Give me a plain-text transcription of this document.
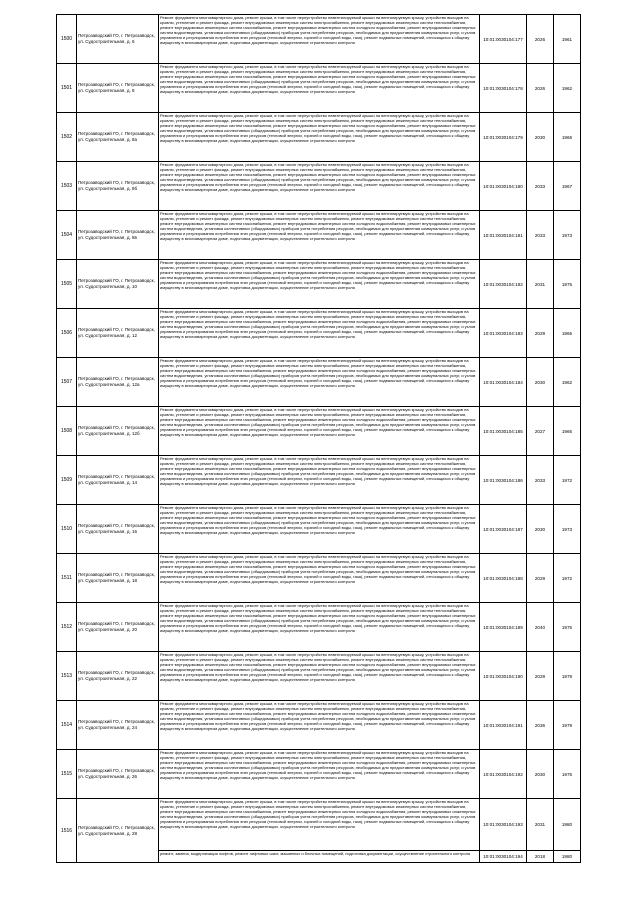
1500	Петрозаводский ГО, г. Петрозаводск, ул. Судостроительная, д. 6	Ремонт фундамента многоквартирного дома, ремонт крыши, в том числе переустройство невентилируемой крыши на вентилируемую крышу, устройство выходов на кровлю, утепление и ремонт фасада, ремонт внутридомовых инженерных систем электроснабжения, ремонт внутридомовых инженерных систем теплоснабжения, ремонт внутридомовых инженерных систем газоснабжения, ремонт внутридомовых инженерных систем холодного водоснабжения, ремонт внутридомовых инженерных систем водоотведения, установка коллективных (общедомовых) приборов учета потребления ресурсов, необходимых для предоставления коммунальных услуг, и узлов управления и регулирования потребления этих ресурсов (тепловой энергии, горячей и холодной воды, газа), ремонт подвальных помещений, относящихся к общему имуществу в многоквартирном доме, подготовка документации, осуществление строительного контроля	10:01:0030104:177	2026	1961
1501	Петрозаводский ГО, г. Петрозаводск, ул. Судостроительная, д. 8	Ремонт фундамента многоквартирного дома, ремонт крыши, в том числе переустройство невентилируемой крыши на вентилируемую крышу, устройство выходов на кровлю, утепление и ремонт фасада, ремонт внутридомовых инженерных систем электроснабжения, ремонт внутридомовых инженерных систем теплоснабжения, ремонт внутридомовых инженерных систем газоснабжения, ремонт внутридомовых инженерных систем холодного водоснабжения, ремонт внутридомовых инженерных систем водоотведения, установка коллективных (общедомовых) приборов учета потребления ресурсов, необходимых для предоставления коммунальных услуг, и узлов управления и регулирования потребления этих ресурсов (тепловой энергии, горячей и холодной воды, газа), ремонт подвальных помещений, относящихся к общему имуществу в многоквартирном доме, подготовка документации, осуществление строительного контроля	10:01:0030104:178	2026	1962
1502	Петрозаводский ГО, г. Петрозаводск, ул. Судостроительная, д. 8а	Ремонт фундамента многоквартирного дома, ремонт крыши, в том числе переустройство невентилируемой крыши на вентилируемую крышу, устройство выходов на кровлю, утепление и ремонт фасада, ремонт внутридомовых инженерных систем электроснабжения, ремонт внутридомовых инженерных систем теплоснабжения, ремонт внутридомовых инженерных систем газоснабжения, ремонт внутридомовых инженерных систем холодного водоснабжения, ремонт внутридомовых инженерных систем водоотведения, установка коллективных (общедомовых) приборов учета потребления ресурсов, необходимых для предоставления коммунальных услуг, и узлов управления и регулирования потребления этих ресурсов (тепловой энергии, горячей и холодной воды, газа), ремонт подвальных помещений, относящихся к общему имуществу в многоквартирном доме, подготовка документации, осуществление строительного контроля	10:01:0030104:179	2030	1966
1503	Петрозаводский ГО, г. Петрозаводск, ул. Судостроительная, д. 8б	Ремонт фундамента многоквартирного дома, ремонт крыши, в том числе переустройство невентилируемой крыши на вентилируемую крышу, устройство выходов на кровлю, утепление и ремонт фасада, ремонт внутридомовых инженерных систем электроснабжения, ремонт внутридомовых инженерных систем теплоснабжения, ремонт внутридомовых инженерных систем газоснабжения, ремонт внутридомовых инженерных систем холодного водоснабжения, ремонт внутридомовых инженерных систем водоотведения, установка коллективных (общедомовых) приборов учета потребления ресурсов, необходимых для предоставления коммунальных услуг, и узлов управления и регулирования потребления этих ресурсов (тепловой энергии, горячей и холодной воды, газа), ремонт подвальных помещений, относящихся к общему имуществу в многоквартирном доме, подготовка документации, осуществление строительного контроля	10:01:0030104:180	2033	1967
1504	Петрозаводский ГО, г. Петрозаводск, ул. Судостроительная, д. 8в	Ремонт фундамента многоквартирного дома, ремонт крыши, в том числе переустройство невентилируемой крыши на вентилируемую крышу, устройство выходов на кровлю, утепление и ремонт фасада, ремонт внутридомовых инженерных систем электроснабжения, ремонт внутридомовых инженерных систем теплоснабжения, ремонт внутридомовых инженерных систем газоснабжения, ремонт внутридомовых инженерных систем холодного водоснабжения, ремонт внутридомовых инженерных систем водоотведения, установка коллективных (общедомовых) приборов учета потребления ресурсов, необходимых для предоставления коммунальных услуг, и узлов управления и регулирования потребления этих ресурсов (тепловой энергии, горячей и холодной воды, газа), ремонт подвальных помещений, относящихся к общему имуществу в многоквартирном доме, подготовка документации, осуществление строительного контроля	10:01:0030104:181	2033	1973
1505	Петрозаводский ГО, г. Петрозаводск, ул. Судостроительная, д. 10	Ремонт фундамента многоквартирного дома, ремонт крыши, в том числе переустройство невентилируемой крыши на вентилируемую крышу, устройство выходов на кровлю, утепление и ремонт фасада, ремонт внутридомовых инженерных систем электроснабжения, ремонт внутридомовых инженерных систем теплоснабжения, ремонт внутридомовых инженерных систем газоснабжения, ремонт внутридомовых инженерных систем холодного водоснабжения, ремонт внутридомовых инженерных систем водоотведения, установка коллективных (общедомовых) приборов учета потребления ресурсов, необходимых для предоставления коммунальных услуг, и узлов управления и регулирования потребления этих ресурсов (тепловой энергии, горячей и холодной воды, газа), ремонт подвальных помещений, относящихся к общему имуществу в многоквартирном доме, подготовка документации, осуществление строительного контроля	10:01:0030104:182	2031	1975
1506	Петрозаводский ГО, г. Петрозаводск, ул. Судостроительная, д. 12	Ремонт фундамента многоквартирного дома, ремонт крыши, в том числе переустройство невентилируемой крыши на вентилируемую крышу, устройство выходов на кровлю, утепление и ремонт фасада, ремонт внутридомовых инженерных систем электроснабжения, ремонт внутридомовых инженерных систем теплоснабжения, ремонт внутридомовых инженерных систем газоснабжения, ремонт внутридомовых инженерных систем холодного водоснабжения, ремонт внутридомовых инженерных систем водоотведения, установка коллективных (общедомовых) приборов учета потребления ресурсов, необходимых для предоставления коммунальных услуг, и узлов управления и регулирования потребления этих ресурсов (тепловой энергии, горячей и холодной воды, газа), ремонт подвальных помещений, относящихся к общему имуществу в многоквартирном доме, подготовка документации, осуществление строительного контроля	10:01:0030104:183	2029	1965
1507	Петрозаводский ГО, г. Петрозаводск, ул. Судостроительная, д. 12а	Ремонт фундамента многоквартирного дома, ремонт крыши, в том числе переустройство невентилируемой крыши на вентилируемую крышу, устройство выходов на кровлю, утепление и ремонт фасада, ремонт внутридомовых инженерных систем электроснабжения, ремонт внутридомовых инженерных систем теплоснабжения, ремонт внутридомовых инженерных систем газоснабжения, ремонт внутридомовых инженерных систем холодного водоснабжения, ремонт внутридомовых инженерных систем водоотведения, установка коллективных (общедомовых) приборов учета потребления ресурсов, необходимых для предоставления коммунальных услуг, и узлов управления и регулирования потребления этих ресурсов (тепловой энергии, горячей и холодной воды, газа), ремонт подвальных помещений, относящихся к общему имуществу в многоквартирном доме, подготовка документации, осуществление строительного контроля	10:01:0030104:184	2030	1962
1508	Петрозаводский ГО, г. Петрозаводск, ул. Судостроительная, д. 12б	Ремонт фундамента многоквартирного дома, ремонт крыши, в том числе переустройство невентилируемой крыши на вентилируемую крышу, устройство выходов на кровлю, утепление и ремонт фасада, ремонт внутридомовых инженерных систем электроснабжения, ремонт внутридомовых инженерных систем теплоснабжения, ремонт внутридомовых инженерных систем газоснабжения, ремонт внутридомовых инженерных систем холодного водоснабжения, ремонт внутридомовых инженерных систем водоотведения, установка коллективных (общедомовых) приборов учета потребления ресурсов, необходимых для предоставления коммунальных услуг, и узлов управления и регулирования потребления этих ресурсов (тепловой энергии, горячей и холодной воды, газа), ремонт подвальных помещений, относящихся к общему имуществу в многоквартирном доме, подготовка документации, осуществление строительного контроля	10:01:0030104:185	2027	1966
1509	Петрозаводский ГО, г. Петрозаводск, ул. Судостроительная, д. 14	Ремонт фундамента многоквартирного дома, ремонт крыши, в том числе переустройство невентилируемой крыши на вентилируемую крышу, устройство выходов на кровлю, утепление и ремонт фасада, ремонт внутридомовых инженерных систем электроснабжения, ремонт внутридомовых инженерных систем теплоснабжения, ремонт внутридомовых инженерных систем газоснабжения, ремонт внутридомовых инженерных систем холодного водоснабжения, ремонт внутридомовых инженерных систем водоотведения, установка коллективных (общедомовых) приборов учета потребления ресурсов, необходимых для предоставления коммунальных услуг, и узлов управления и регулирования потребления этих ресурсов (тепловой энергии, горячей и холодной воды, газа), ремонт подвальных помещений, относящихся к общему имуществу в многоквартирном доме, подготовка документации, осуществление строительного контроля	10:01:0030104:186	2033	1972
1510	Петрозаводский ГО, г. Петрозаводск, ул. Судостроительная, д. 16	Ремонт фундамента многоквартирного дома, ремонт крыши, в том числе переустройство невентилируемой крыши на вентилируемую крышу, устройство выходов на кровлю, утепление и ремонт фасада, ремонт внутридомовых инженерных систем электроснабжения, ремонт внутридомовых инженерных систем теплоснабжения, ремонт внутридомовых инженерных систем газоснабжения, ремонт внутридомовых инженерных систем холодного водоснабжения, ремонт внутридомовых инженерных систем водоотведения, установка коллективных (общедомовых) приборов учета потребления ресурсов, необходимых для предоставления коммунальных услуг, и узлов управления и регулирования потребления этих ресурсов (тепловой энергии, горячей и холодной воды, газа), ремонт подвальных помещений, относящихся к общему имуществу в многоквартирном доме, подготовка документации, осуществление строительного контроля	10:01:0030104:187	2030	1973
1511	Петрозаводский ГО, г. Петрозаводск, ул. Судостроительная, д. 18	Ремонт фундамента многоквартирного дома, ремонт крыши, в том числе переустройство невентилируемой крыши на вентилируемую крышу, устройство выходов на кровлю, утепление и ремонт фасада, ремонт внутридомовых инженерных систем электроснабжения, ремонт внутридомовых инженерных систем теплоснабжения, ремонт внутридомовых инженерных систем газоснабжения, ремонт внутридомовых инженерных систем холодного водоснабжения, ремонт внутридомовых инженерных систем водоотведения, установка коллективных (общедомовых) приборов учета потребления ресурсов, необходимых для предоставления коммунальных услуг, и узлов управления и регулирования потребления этих ресурсов (тепловой энергии, горячей и холодной воды, газа), ремонт подвальных помещений, относящихся к общему имуществу в многоквартирном доме, подготовка документации, осуществление строительного контроля	10:01:0030104:188	2029	1972
1512	Петрозаводский ГО, г. Петрозаводск, ул. Судостроительная, д. 20	Ремонт фундамента многоквартирного дома, ремонт крыши, в том числе переустройство невентилируемой крыши на вентилируемую крышу, устройство выходов на кровлю, утепление и ремонт фасада, ремонт внутридомовых инженерных систем электроснабжения, ремонт внутридомовых инженерных систем теплоснабжения, ремонт внутридомовых инженерных систем газоснабжения, ремонт внутридомовых инженерных систем холодного водоснабжения, ремонт внутридомовых инженерных систем водоотведения, установка коллективных (общедомовых) приборов учета потребления ресурсов, необходимых для предоставления коммунальных услуг, и узлов управления и регулирования потребления этих ресурсов (тепловой энергии, горячей и холодной воды, газа), ремонт подвальных помещений, относящихся к общему имуществу в многоквартирном доме, подготовка документации, осуществление строительного контроля	10:01:0030104:189	2040	1975
1513	Петрозаводский ГО, г. Петрозаводск, ул. Судостроительная, д. 22	Ремонт фундамента многоквартирного дома, ремонт крыши, в том числе переустройство невентилируемой крыши на вентилируемую крышу, устройство выходов на кровлю, утепление и ремонт фасада, ремонт внутридомовых инженерных систем электроснабжения, ремонт внутридомовых инженерных систем теплоснабжения, ремонт внутридомовых инженерных систем газоснабжения, ремонт внутридомовых инженерных систем холодного водоснабжения, ремонт внутридомовых инженерных систем водоотведения, установка коллективных (общедомовых) приборов учета потребления ресурсов, необходимых для предоставления коммунальных услуг, и узлов управления и регулирования потребления этих ресурсов (тепловой энергии, горячей и холодной воды, газа), ремонт подвальных помещений, относящихся к общему имуществу в многоквартирном доме, подготовка документации, осуществление строительного контроля	10:01:0030104:190	2029	1979
1514	Петрозаводский ГО, г. Петрозаводск, ул. Судостроительная, д. 24	Ремонт фундамента многоквартирного дома, ремонт крыши, в том числе переустройство невентилируемой крыши на вентилируемую крышу, устройство выходов на кровлю, утепление и ремонт фасада, ремонт внутридомовых инженерных систем электроснабжения, ремонт внутридомовых инженерных систем теплоснабжения, ремонт внутридомовых инженерных систем газоснабжения, ремонт внутридомовых инженерных систем холодного водоснабжения, ремонт внутридомовых инженерных систем водоотведения, установка коллективных (общедомовых) приборов учета потребления ресурсов, необходимых для предоставления коммунальных услуг, и узлов управления и регулирования потребления этих ресурсов (тепловой энергии, горячей и холодной воды, газа), ремонт подвальных помещений, относящихся к общему имуществу в многоквартирном доме, подготовка документации, осуществление строительного контроля	10:01:0030104:191	2036	1979
1515	Петрозаводский ГО, г. Петрозаводск, ул. Судостроительная, д. 26	Ремонт фундамента многоквартирного дома, ремонт крыши, в том числе переустройство невентилируемой крыши на вентилируемую крышу, устройство выходов на кровлю, утепление и ремонт фасада, ремонт внутридомовых инженерных систем электроснабжения, ремонт внутридомовых инженерных систем теплоснабжения, ремонт внутридомовых инженерных систем газоснабжения, ремонт внутридомовых инженерных систем холодного водоснабжения, ремонт внутридомовых инженерных систем водоотведения, установка коллективных (общедомовых) приборов учета потребления ресурсов, необходимых для предоставления коммунальных услуг, и узлов управления и регулирования потребления этих ресурсов (тепловой энергии, горячей и холодной воды, газа), ремонт подвальных помещений, относящихся к общему имуществу в многоквартирном доме, подготовка документации, осуществление строительного контроля	10:01:0030104:192	2030	1975
1516	Петрозаводский ГО, г. Петрозаводск, ул. Судостроительная, д. 28	Ремонт фундамента многоквартирного дома, ремонт крыши, в том числе переустройство невентилируемой крыши на вентилируемую крышу, устройство выходов на кровлю, утепление и ремонт фасада, ремонт внутридомовых инженерных систем электроснабжения, ремонт внутридомовых инженерных систем теплоснабжения, ремонт внутридомовых инженерных систем газоснабжения, ремонт внутридомовых инженерных систем холодного водоснабжения, ремонт внутридомовых инженерных систем водоотведения, установка коллективных (общедомовых) приборов учета потребления ресурсов, необходимых для предоставления коммунальных услуг, и узлов управления и регулирования потребления этих ресурсов (тепловой энергии, горячей и холодной воды, газа), ремонт подвальных помещений, относящихся к общему имуществу в многоквартирном доме, подготовка документации, осуществление строительного контроля	10:01:0030104:193	2031	1980

		ремонт, замена, модернизация лифтов, ремонт лифтовых шахт, машинных и блочных помещений, подготовка документации, осуществление строительного контроля	10:01:0030104:194	2018	1980
